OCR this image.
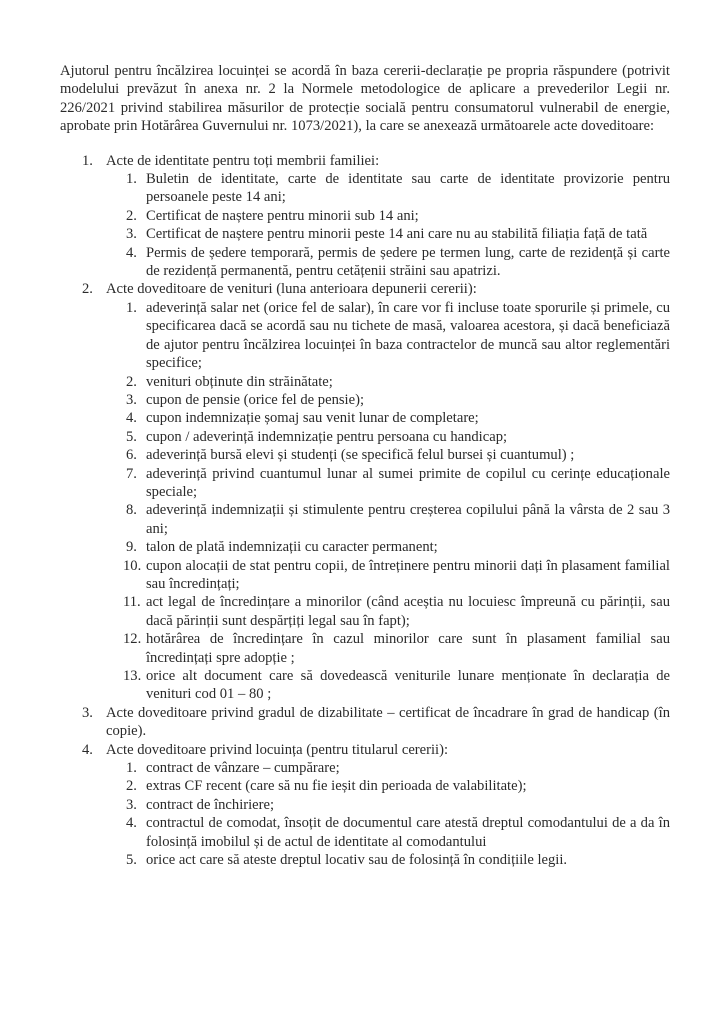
Ajutorul pentru încălzirea locuinței se acordă în baza cererii-declarație pe propria răspundere (potrivit modelului prevăzut în anexa nr. 2 la Normele metodologice de aplicare a prevederilor Legii nr. 226/2021 privind stabilirea măsurilor de protecție socială pentru consumatorul vulnerabil de energie, aprobate prin Hotărârea Guvernului nr. 1073/2021), la care se anexează următoarele acte doveditoare:

1. Acte de identitate pentru toți membrii familiei:
1. Buletin de identitate, carte de identitate sau carte de identitate provizorie pentru persoanele peste 14 ani;
2. Certificat de naștere pentru minorii sub 14 ani;
3. Certificat de naștere pentru minorii peste 14 ani care nu au stabilită filiația față de tată
4. Permis de ședere temporară, permis de ședere pe termen lung, carte de rezidență și carte de rezidență permanentă, pentru cetățenii străini sau apatrizi.
2. Acte doveditoare de venituri (luna anterioara depunerii cererii):
1. adeverință salar net (orice fel de salar), în care vor fi incluse toate sporurile și primele, cu specificarea dacă se acordă sau nu tichete de masă, valoarea acestora, și dacă beneficiază de ajutor pentru încălzirea locuinței în baza contractelor de muncă sau altor reglementări specifice;
2. venituri obținute din străinătate;
3. cupon de pensie (orice fel de pensie);
4. cupon indemnizație șomaj sau venit lunar de completare;
5. cupon / adeverință indemnizație pentru persoana cu handicap;
6. adeverință bursă elevi și studenți (se specifică felul bursei și cuantumul) ;
7. adeverință privind cuantumul lunar al sumei primite de copilul cu cerințe educaționale speciale;
8. adeverință indemnizații și stimulente pentru creșterea copilului până la vârsta de 2 sau 3 ani;
9. talon de plată indemnizații cu caracter permanent;
10. cupon alocații de stat pentru copii, de întreținere pentru minorii dați în plasament familial sau încredințați;
11. act legal de încredințare a minorilor (când aceștia nu locuiesc împreună cu părinții, sau dacă părinții sunt despărțiți legal sau în fapt);
12. hotărârea de încredințare în cazul minorilor care sunt în plasament familial sau încredințați spre adopție ;
13. orice alt document care să dovedească veniturile lunare menționate în declarația de venituri cod 01 – 80 ;
3. Acte doveditoare privind gradul de dizabilitate – certificat de încadrare în grad de handicap (în copie).
4. Acte doveditoare privind locuința (pentru titularul cererii):
1. contract de vânzare – cumpărare;
2. extras CF recent (care să nu fie ieșit din perioada de valabilitate);
3. contract de închiriere;
4. contractul de comodat, însoțit de documentul care atestă dreptul comodantului de a da în folosință imobilul și de actul de identitate al comodantului
5. orice act care să ateste dreptul locativ sau de folosință în condițiile legii.
